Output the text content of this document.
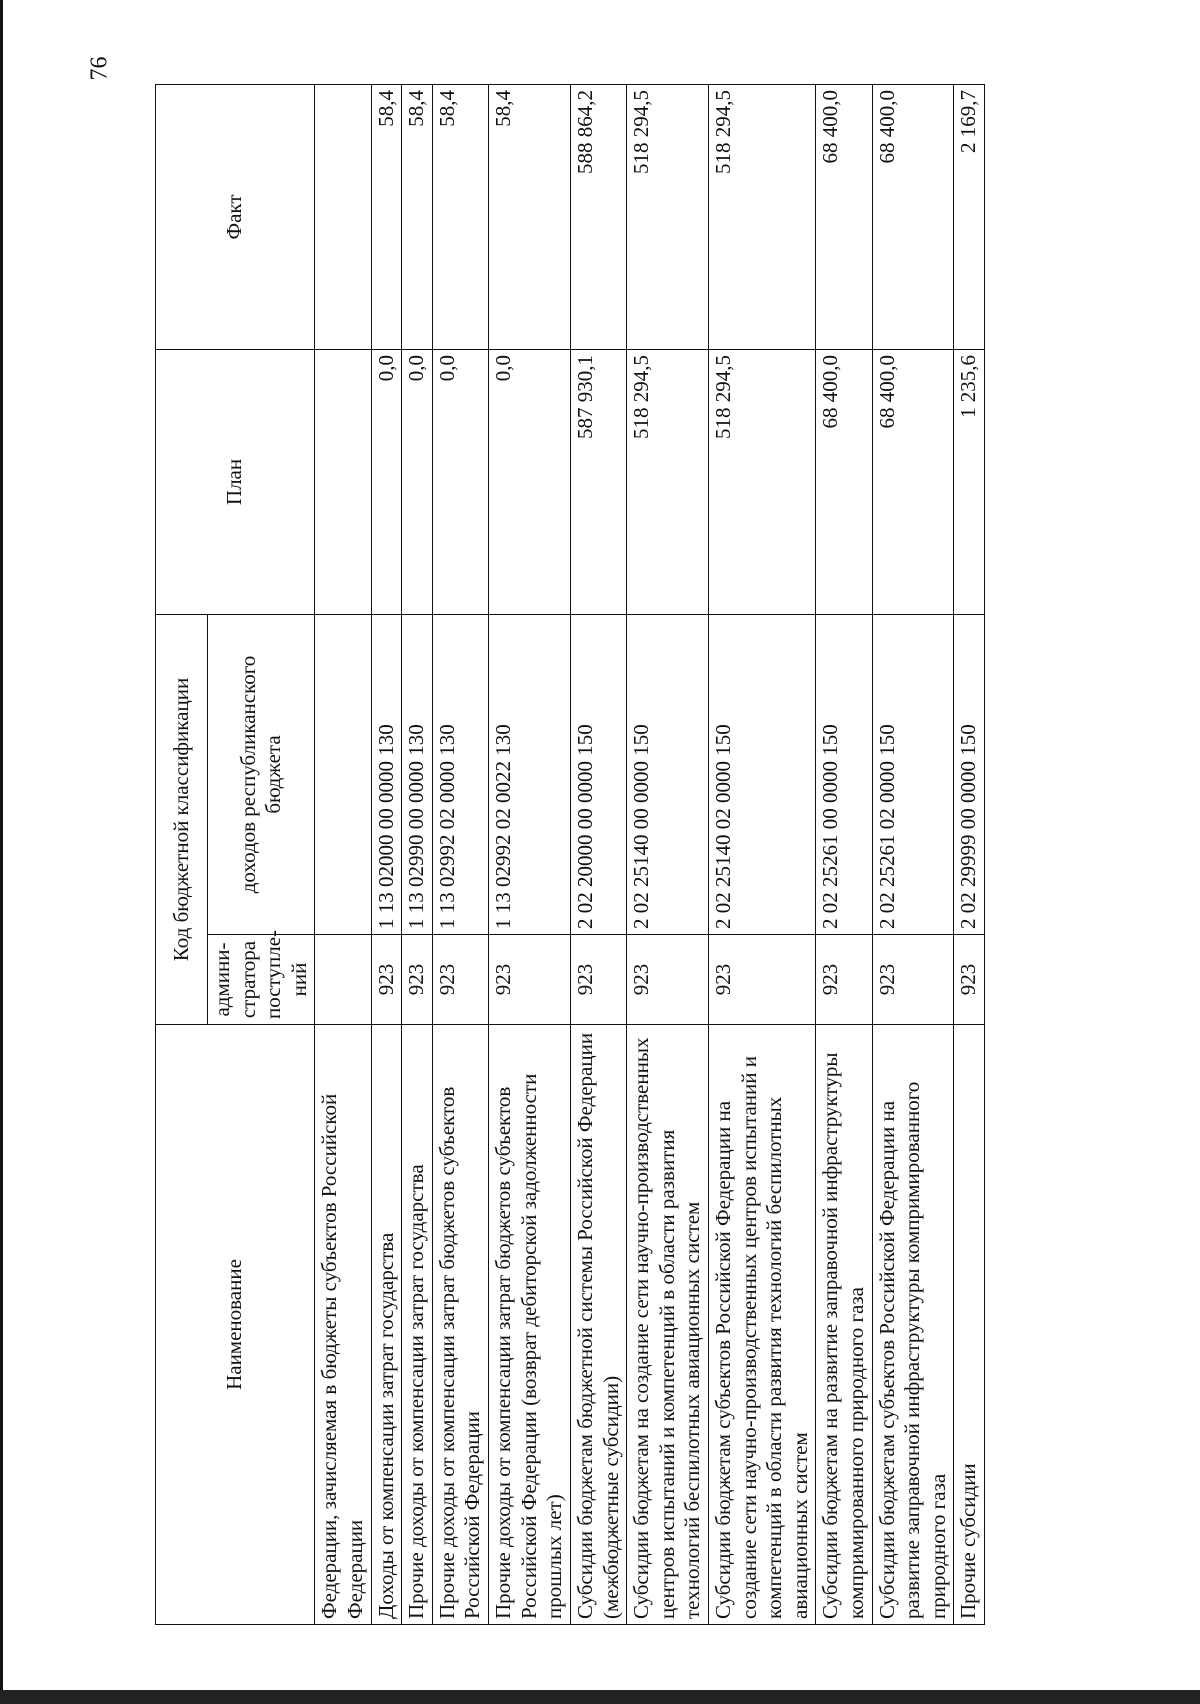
76
Наименование	Код бюджетной классификации		План	Факт
	админи-стратора поступле-ний	доходов республиканского бюджета		
Федерации, зачисляемая в бюджеты субъектов Российской Федерации				
Доходы от компенсации затрат государства	923	1 13 02000 00 0000 130	0,0	58,4
Прочие доходы от компенсации затрат государства	923	1 13 02990 00 0000 130	0,0	58,4
Прочие доходы от компенсации затрат бюджетов субъектов Российской Федерации	923	1 13 02992 02 0000 130	0,0	58,4
Прочие доходы от компенсации затрат бюджетов субъектов Российской Федерации (возврат дебиторской задолженности прошлых лет)	923	1 13 02992 02 0022 130	0,0	58,4
Субсидии бюджетам бюджетной системы Российской Федерации (межбюджетные субсидии)	923	2 02 20000 00 0000 150	587 930,1	588 864,2
Субсидии бюджетам на создание сети научно-производственных центров испытаний и компетенций в области развития технологий беспилотных авиационных систем	923	2 02 25140 00 0000 150	518 294,5	518 294,5
Субсидии бюджетам субъектов Российской Федерации на создание сети научно-производственных центров испытаний и компетенций в области развития технологий беспилотных авиационных систем	923	2 02 25140 02 0000 150	518 294,5	518 294,5
Субсидии бюджетам на развитие заправочной инфраструктуры компримированного природного газа	923	2 02 25261 00 0000 150	68 400,0	68 400,0
Субсидии бюджетам субъектов Российской Федерации на развитие заправочной инфраструктуры компримированного природного газа	923	2 02 25261 02 0000 150	68 400,0	68 400,0
Прочие субсидии	923	2 02 29999 00 0000 150	1 235,6	2 169,7
